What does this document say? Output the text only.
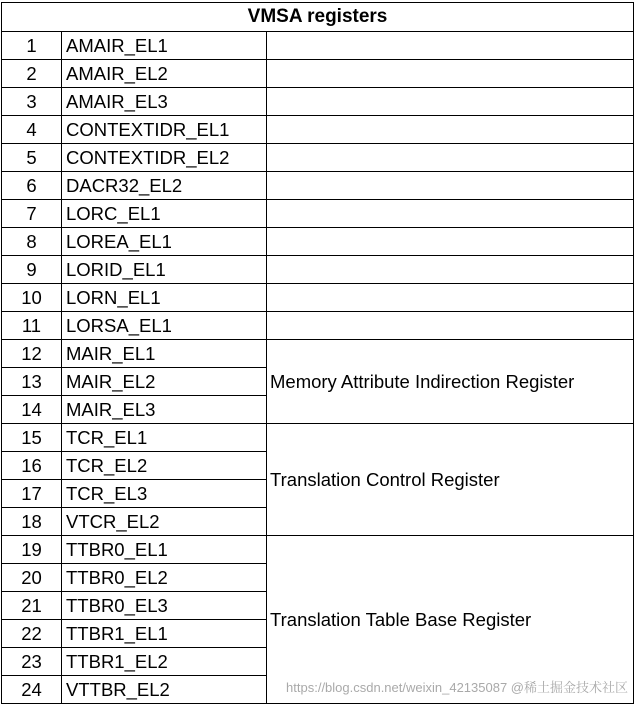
VMSA registers		
1	AMAIR_EL1	
2	AMAIR_EL2	
3	AMAIR_EL3	
4	CONTEXTIDR_EL1	
5	CONTEXTIDR_EL2	
6	DACR32_EL2	
7	LORC_EL1	
8	LOREA_EL1	
9	LORID_EL1	
10	LORN_EL1	
11	LORSA_EL1	
12	MAIR_EL1	Memory Attribute Indirection Register
13	MAIR_EL2	
14	MAIR_EL3	
15	TCR_EL1	Translation Control Register
16	TCR_EL2	
17	TCR_EL3	
18	VTCR_EL2	
19	TTBR0_EL1	Translation Table Base Register
20	TTBR0_EL2	
21	TTBR0_EL3	
22	TTBR1_EL1	
23	TTBR1_EL2	
24	VTTBR_EL2		https://blog.csdn.net/weixin_42135087 @稀土掘金技术社区
